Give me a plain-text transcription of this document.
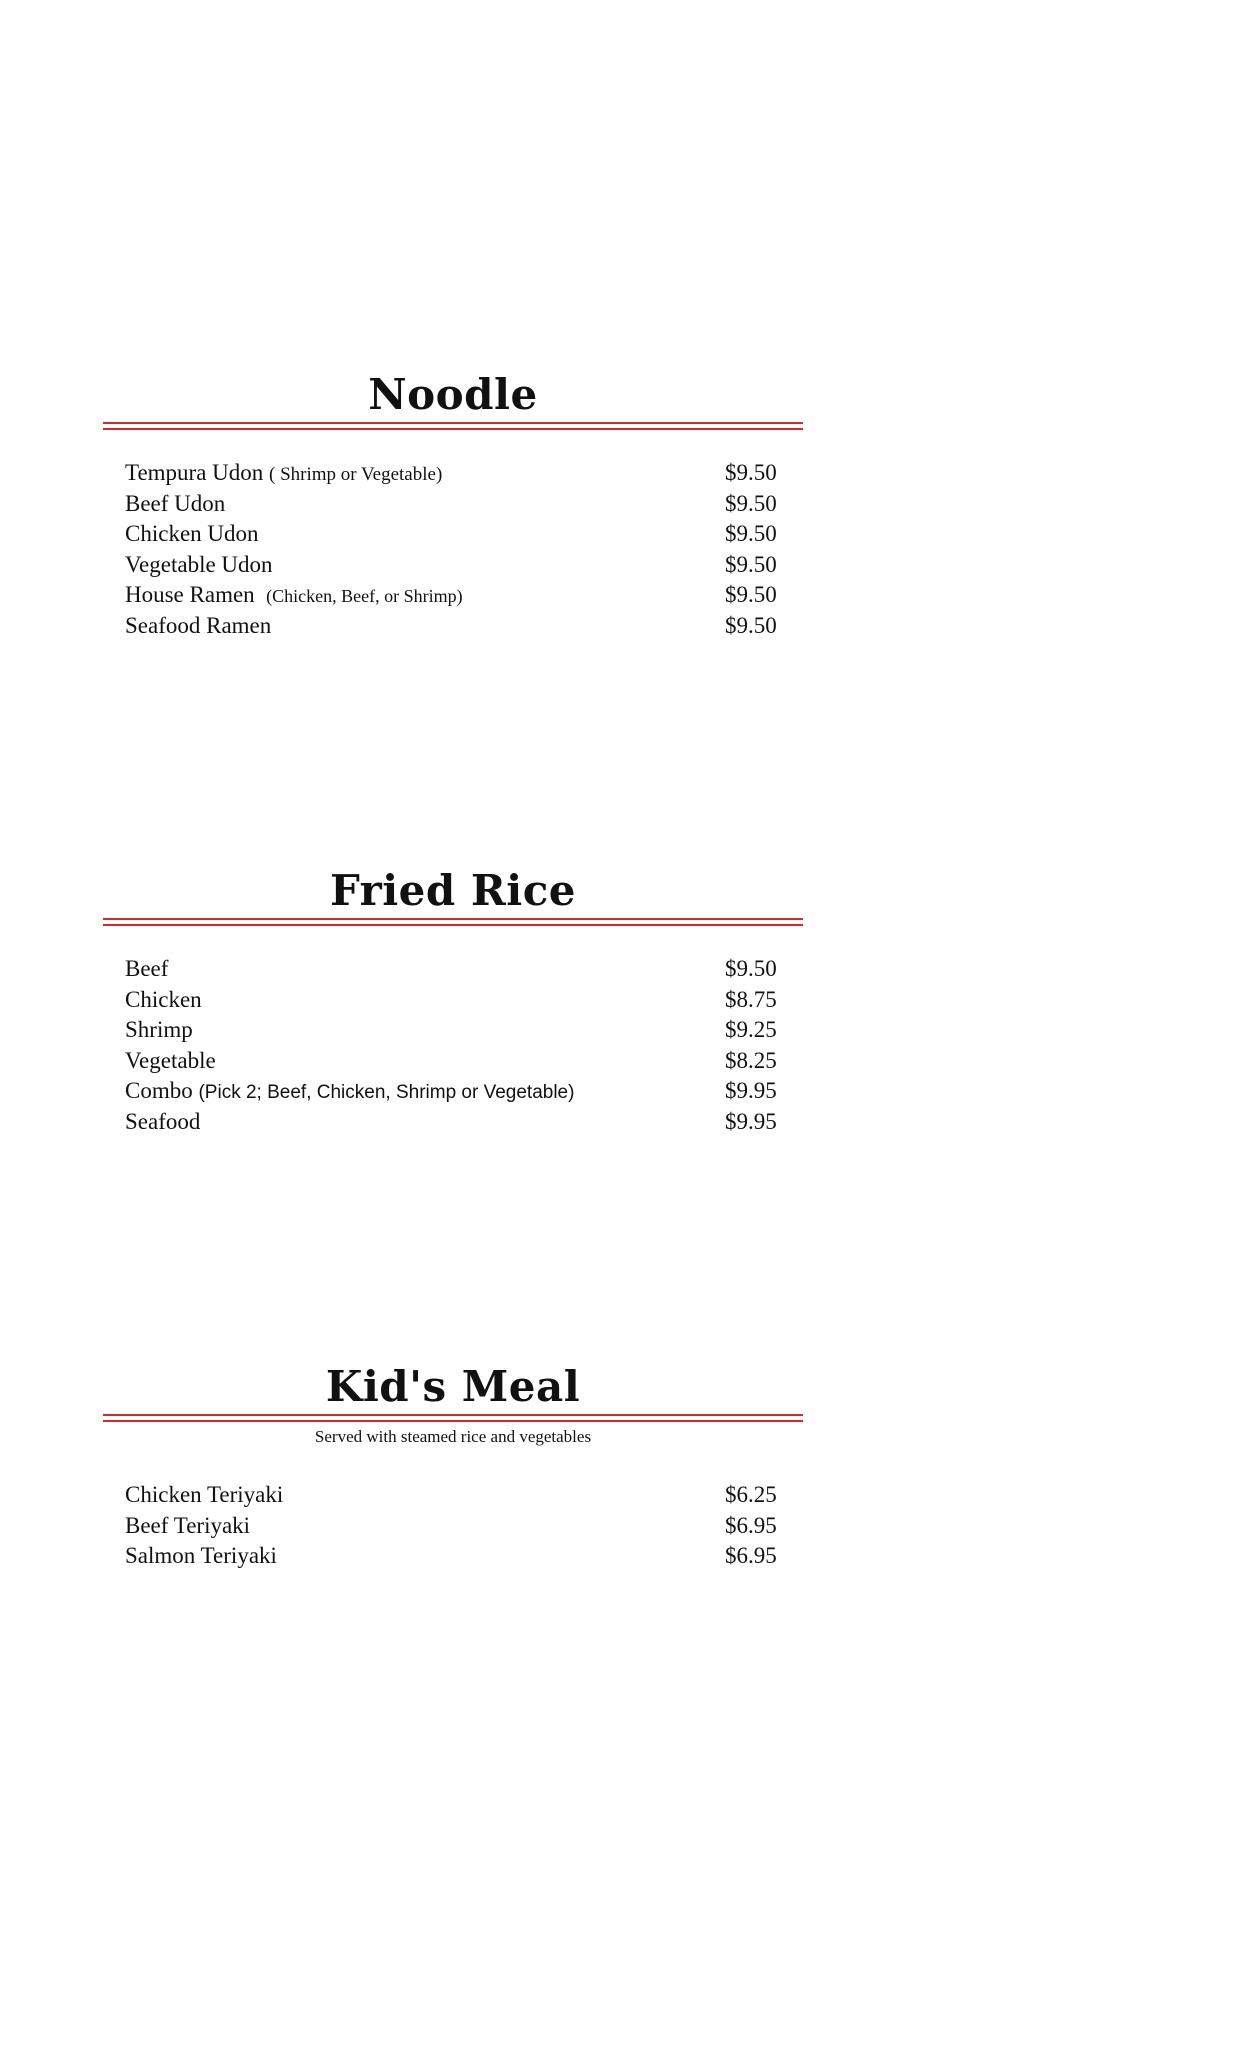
Noodle
Tempura Udon ( Shrimp or Vegetable)	$9.50
Beef Udon	$9.50
Chicken Udon	$9.50
Vegetable Udon	$9.50
House Ramen (Chicken, Beef, or Shrimp)	$9.50
Seafood Ramen	$9.50
Fried Rice
Beef	$9.50
Chicken	$8.75
Shrimp	$9.25
Vegetable	$8.25
Combo (Pick 2; Beef, Chicken, Shrimp or Vegetable)	$9.95
Seafood	$9.95
Kid's Meal
Served with steamed rice and vegetables
Chicken Teriyaki	$6.25
Beef Teriyaki	$6.95
Salmon Teriyaki	$6.95
